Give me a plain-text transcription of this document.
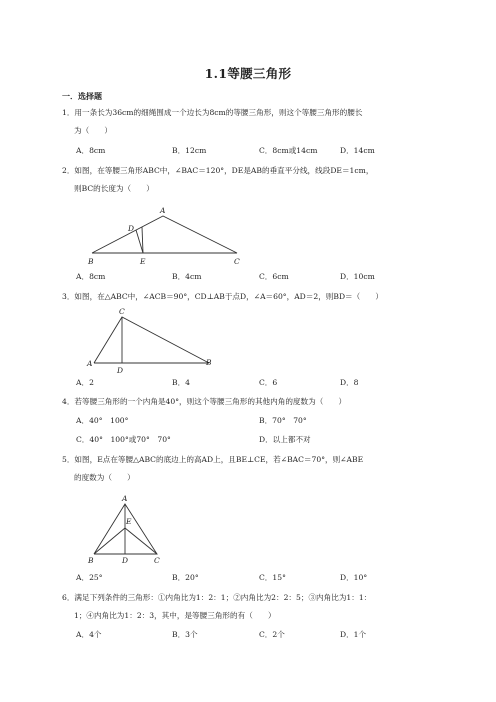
1.1等腰三角形
一．选择题
1．用一条长为36cm的细绳围成一个边长为8cm的等腰三角形，则这个等腰三角形的腰长
为（　　）
A．8cm	B．12cm	C．8cm或14cm	D．14cm
2．如图，在等腰三角形ABC中，∠BAC＝120°，DE是AB的垂直平分线，线段DE＝1cm，
则BC的长度为（　　）
A
D
B	E	C
A．8cm	B．4cm	C．6cm	D．10cm
3．如图，在△ABC中，∠ACB＝90°，CD⊥AB于点D，∠A＝60°，AD＝2，则BD＝（　　）
C
A
D
B
A．2	B．4	C．6	D．8
4．若等腰三角形的一个内角是40°，则这个等腰三角形的其他内角的度数为（　　）
A．40°　100°	B．70°　70°
C．40°　100°或70°　70°	D．以上都不对
5．如图，E点在等腰△ABC的底边上的高AD上，且BE⊥CE，若∠BAC＝70°，则∠ABE
的度数为（　　）
A
E
B	D	C
A．25°	B．20°	C．15°	D．10°
6．满足下列条件的三角形：①内角比为1：2：1；②内角比为2：2：5；③内角比为1：1：
1；④内角比为1：2：3，其中，是等腰三角形的有（　　）
A．4个	B．3个	C．2个	D．1个
